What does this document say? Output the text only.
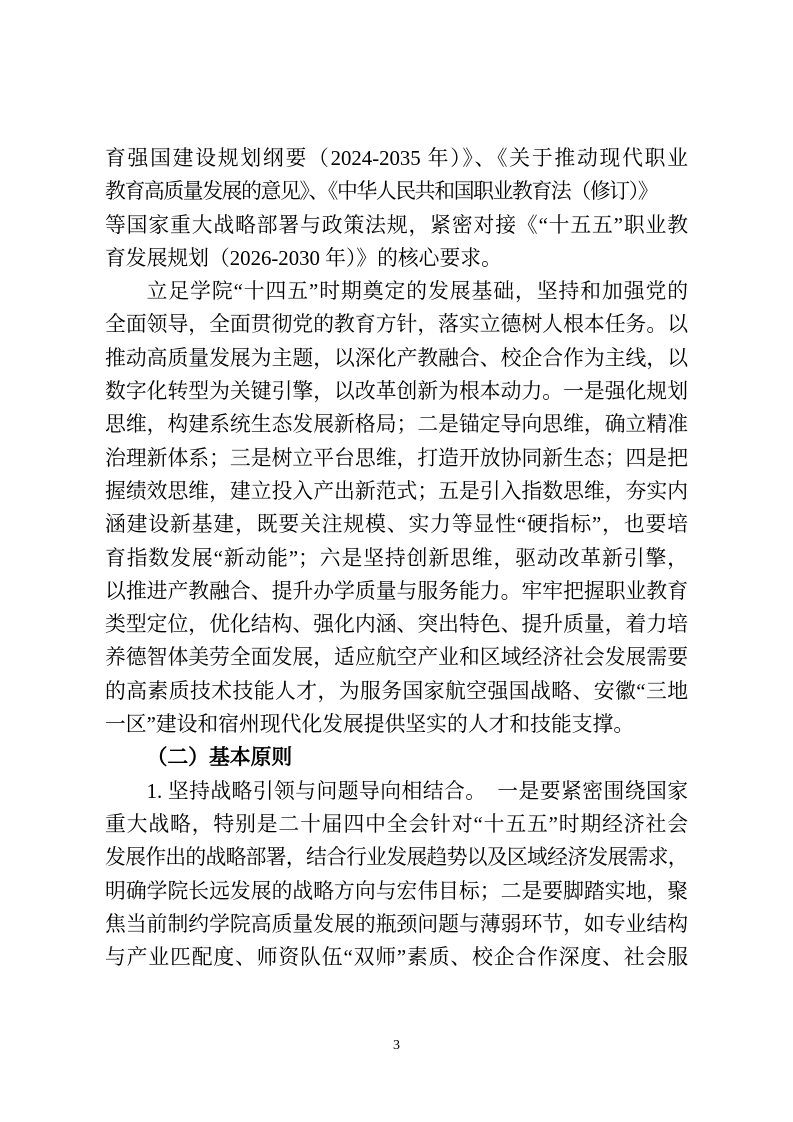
育强国建设规划纲要（2024-2035 年）》、《关于推动现代职业
教育高质量发展的意见》、《中华人民共和国职业教育法（修订）》
等国家重大战略部署与政策法规，紧密对接《“十五五”职业教
育发展规划（2026-2030 年）》的核心要求。
立足学院“十四五”时期奠定的发展基础，坚持和加强党的
全面领导，全面贯彻党的教育方针，落实立德树人根本任务。以
推动高质量发展为主题，以深化产教融合、校企合作为主线，以
数字化转型为关键引擎，以改革创新为根本动力。一是强化规划
思维，构建系统生态发展新格局；二是锚定导向思维，确立精准
治理新体系；三是树立平台思维，打造开放协同新生态；四是把
握绩效思维，建立投入产出新范式；五是引入指数思维，夯实内
涵建设新基建，既要关注规模、实力等显性“硬指标”，也要培
育指数发展“新动能”；六是坚持创新思维，驱动改革新引擎，
以推进产教融合、提升办学质量与服务能力。牢牢把握职业教育
类型定位，优化结构、强化内涵、突出特色、提升质量，着力培
养德智体美劳全面发展，适应航空产业和区域经济社会发展需要
的高素质技术技能人才，为服务国家航空强国战略、安徽“三地
一区”建设和宿州现代化发展提供坚实的人才和技能支撑。
（二）基本原则
1. 坚持战略引领与问题导向相结合。　一是要紧密围绕国家
重大战略，特别是二十届四中全会针对“十五五”时期经济社会
发展作出的战略部署，结合行业发展趋势以及区域经济发展需求，
明确学院长远发展的战略方向与宏伟目标；二是要脚踏实地，聚
焦当前制约学院高质量发展的瓶颈问题与薄弱环节，如专业结构
与产业匹配度、师资队伍“双师”素质、校企合作深度、社会服
3
